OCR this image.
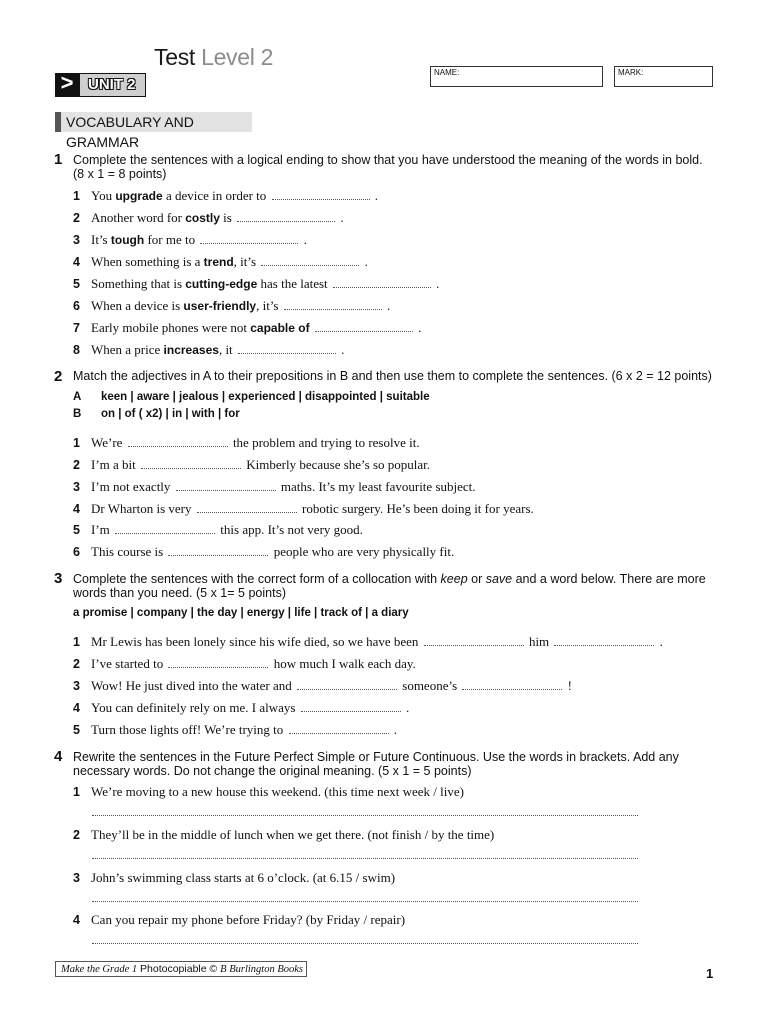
Test Level 2
> UNIT 2
NAME:	MARK:
VOCABULARY AND GRAMMAR
1 Complete the sentences with a logical ending to show that you have understood the meaning of the words in bold.
(8 x 1 = 8 points)
1 You upgrade a device in order to	.
2 Another word for costly is	.
3 It’s tough for me to	.
4 When something is a trend, it’s	.
5 Something that is cutting-edge has the latest	.
6 When a device is user-friendly, it’s	.
7 Early mobile phones were not capable of	.
8 When a price increases, it	.
2 Match the adjectives in A to their prepositions in B and then use them to complete the sentences. (6 x 2 = 12 points)
A keen | aware | jealous | experienced | disappointed | suitable
B on | of ( x2) | in | with | for
1 We’re	the problem and trying to resolve it.
2 I’m a bit	Kimberly because she’s so popular.
3 I’m not exactly	maths. It’s my least favourite subject.
4 Dr Wharton is very	robotic surgery. He’s been doing it for years.
5 I’m	this app. It’s not very good.
6 This course is	people who are very physically fit.
3 Complete the sentences with the correct form of a collocation with keep or save and a word below. There are more words than you need. (5 x 1= 5 points)
a promise | company | the day | energy | life | track of | a diary
1 Mr Lewis has been lonely since his wife died, so we have been	him	.
2 I’ve started to	how much I walk each day.
3 Wow! He just dived into the water and	someone’s	!
4 You can definitely rely on me. I always	.
5 Turn those lights off! We’re trying to	.
4 Rewrite the sentences in the Future Perfect Simple or Future Continuous. Use the words in brackets. Add any necessary words. Do not change the original meaning. (5 x 1 = 5 points)
1 We’re moving to a new house this weekend. (this time next week / live)
2 They’ll be in the middle of lunch when we get there. (not finish / by the time)
3 John’s swimming class starts at 6 o’clock. (at 6.15 / swim)
4 Can you repair my phone before Friday? (by Friday / repair)
Make the Grade 1 Photocopiable © B Burlington Books	1
